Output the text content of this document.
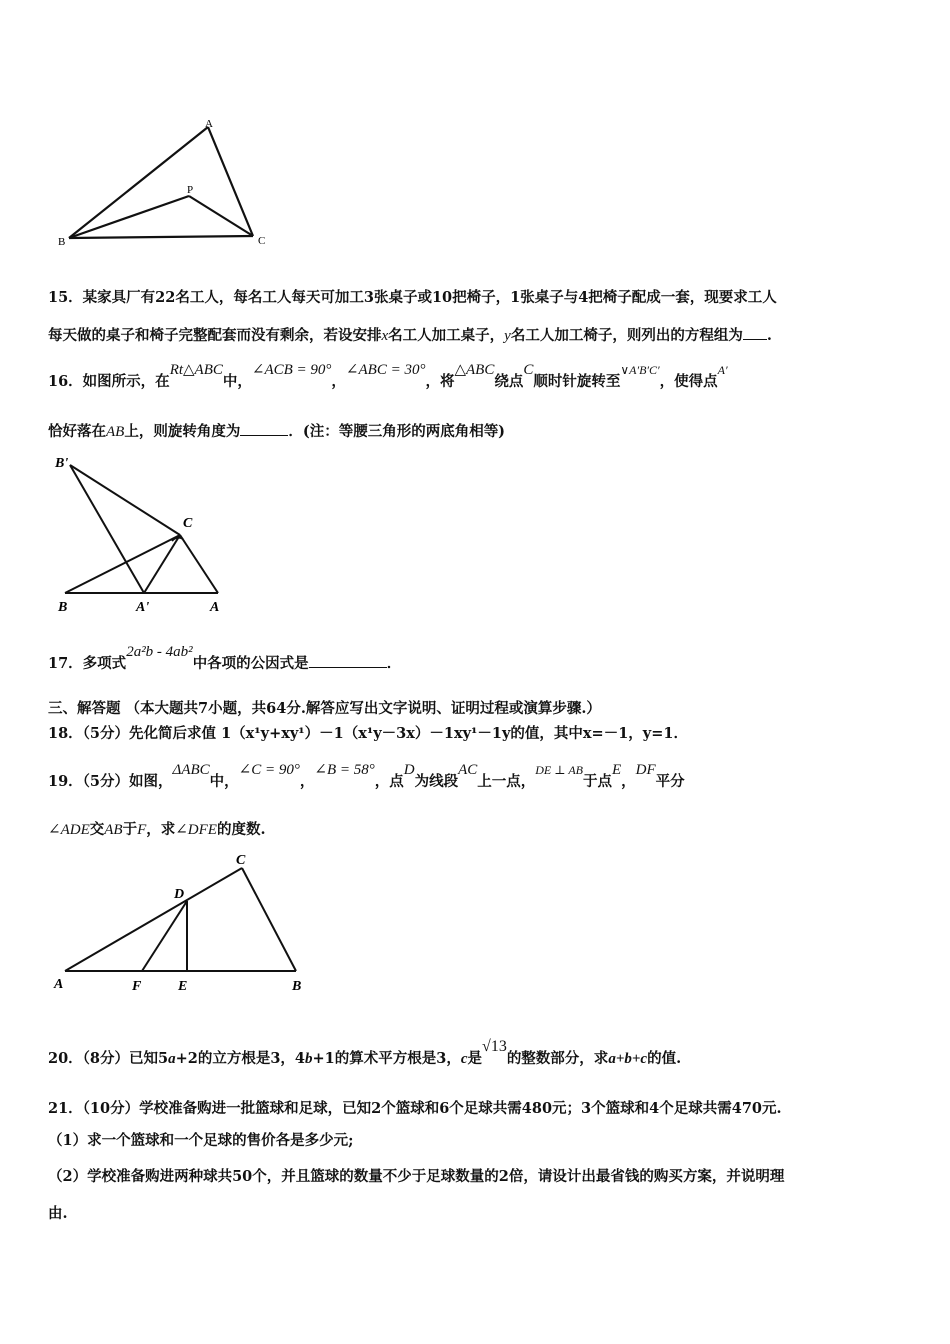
A
P
B	C
15．某家具厂有22名工人，每名工人每天可加工3张桌子或10把椅子，1张桌子与4把椅子配成一套，现要求工人
每天做的桌子和椅子完整配套而没有剩余，若设安排x名工人加工桌子，y名工人加工椅子，则列出的方程组为 .
16．如图所示，在Rt△ABC中，∠ACB = 90°，∠ABC = 30°，将△ABC绕点C顺时针旋转至$^{\vee A'B'C'}$，使得点$^{A'}$
恰好落在AB上，则旋转角度为	．(注：等腰三角形的两底角相等)
B'
C
B	A'	A
17．多项式2a²b - 4ab²中各项的公因式是	．
三、解答题 （本大题共7小题，共64分.解答应写出文字说明、证明过程或演算步骤.）
18．（5分）先化简后求值 1（x¹y+xy¹）－1（x¹y－3x）－1xy¹－1y的值，其中x=－1，y=1．
19．（5分）如图，ΔABC中，∠C = 90°，∠B = 58°，点D为线段AC上一点，$^{DE \perp AB}$于点E，DF平分
∠ADE交AB于F，求∠DFE的度数.
C
D
A	F	E	B
20．（8分）已知5a+2的立方根是3，4b+1的算术平方根是3，c是√13的整数部分，求a+b+c的值.
21．（10分）学校准备购进一批篮球和足球，已知2个篮球和6个足球共需480元；3个篮球和4个足球共需470元.
（1）求一个篮球和一个足球的售价各是多少元;
（2）学校准备购进两种球共50个，并且篮球的数量不少于足球数量的2倍，请设计出最省钱的购买方案，并说明理
由.
